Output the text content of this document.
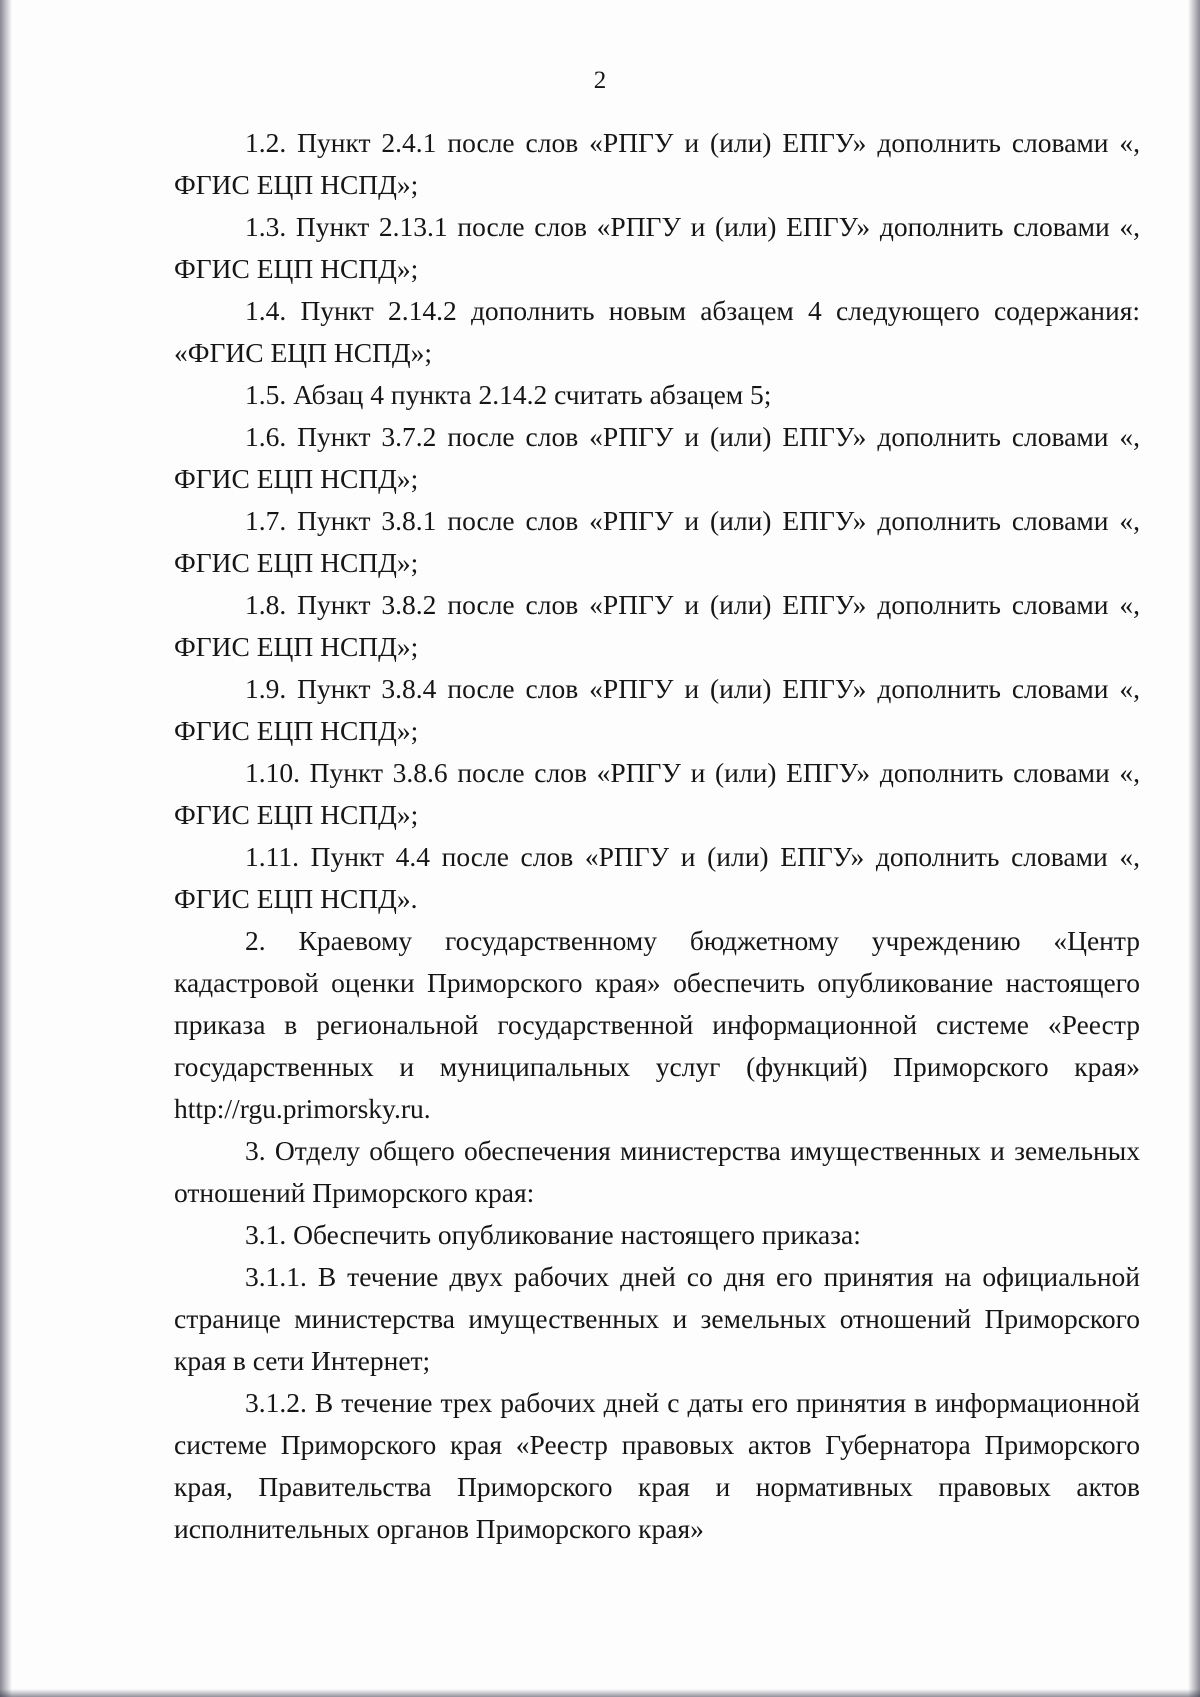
2

1.2. Пункт 2.4.1 после слов «РПГУ и (или) ЕПГУ» дополнить словами «, ФГИС ЕЦП НСПД»;

1.3. Пункт 2.13.1 после слов «РПГУ и (или) ЕПГУ» дополнить словами «, ФГИС ЕЦП НСПД»;

1.4. Пункт 2.14.2 дополнить новым абзацем 4 следующего содержания: «ФГИС ЕЦП НСПД»;

1.5. Абзац 4 пункта 2.14.2 считать абзацем 5;

1.6. Пункт 3.7.2 после слов «РПГУ и (или) ЕПГУ» дополнить словами «, ФГИС ЕЦП НСПД»;

1.7. Пункт 3.8.1 после слов «РПГУ и (или) ЕПГУ» дополнить словами «, ФГИС ЕЦП НСПД»;

1.8. Пункт 3.8.2 после слов «РПГУ и (или) ЕПГУ» дополнить словами «, ФГИС ЕЦП НСПД»;

1.9. Пункт 3.8.4 после слов «РПГУ и (или) ЕПГУ» дополнить словами «, ФГИС ЕЦП НСПД»;

1.10. Пункт 3.8.6 после слов «РПГУ и (или) ЕПГУ» дополнить словами «, ФГИС ЕЦП НСПД»;

1.11. Пункт 4.4 после слов «РПГУ и (или) ЕПГУ» дополнить словами «, ФГИС ЕЦП НСПД».

2. Краевому государственному бюджетному учреждению «Центр кадастровой оценки Приморского края» обеспечить опубликование настоящего приказа в региональной государственной информационной системе «Реестр государственных и муниципальных услуг (функций) Приморского края» http://rgu.primorsky.ru.

3. Отделу общего обеспечения министерства имущественных и земельных отношений Приморского края:

3.1. Обеспечить опубликование настоящего приказа:

3.1.1. В течение двух рабочих дней со дня его принятия на официальной странице министерства имущественных и земельных отношений Приморского края в сети Интернет;

3.1.2. В течение трех рабочих дней с даты его принятия в информационной системе Приморского края «Реестр правовых актов Губернатора Приморского края, Правительства Приморского края и нормативных правовых актов исполнительных органов Приморского края»
